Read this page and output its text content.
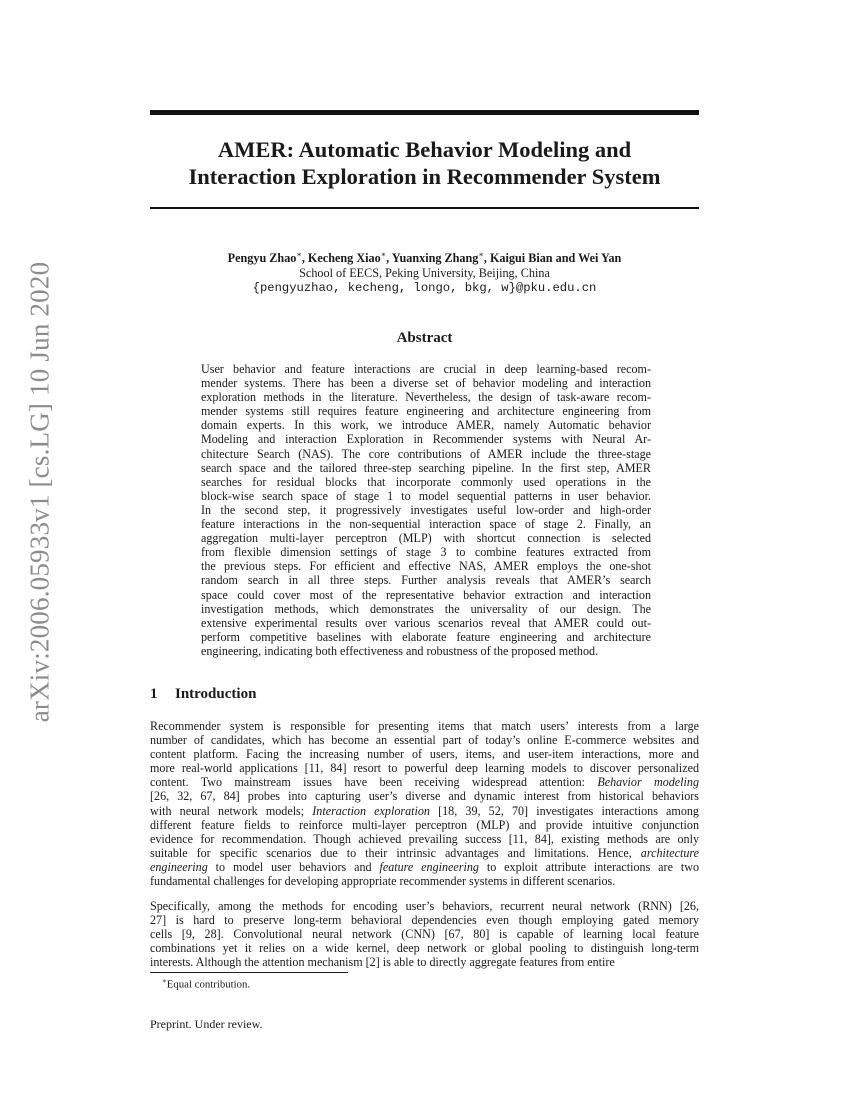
arXiv:2006.05933v1 [cs.LG] 10 Jun 2020
AMER: Automatic Behavior Modeling and
Interaction Exploration in Recommender System
Pengyu Zhao∗, Kecheng Xiao∗, Yuanxing Zhang∗, Kaigui Bian and Wei Yan
School of EECS, Peking University, Beijing, China
{pengyuzhao, kecheng, longo, bkg, w}@pku.edu.cn
Abstract
User behavior and feature interactions are crucial in deep learning-based recom-
mender systems. There has been a diverse set of behavior modeling and interaction
exploration methods in the literature. Nevertheless, the design of task-aware recom-
mender systems still requires feature engineering and architecture engineering from
domain experts. In this work, we introduce AMER, namely Automatic behavior
Modeling and interaction Exploration in Recommender systems with Neural Ar-
chitecture Search (NAS). The core contributions of AMER include the three-stage
search space and the tailored three-step searching pipeline. In the first step, AMER
searches for residual blocks that incorporate commonly used operations in the
block-wise search space of stage 1 to model sequential patterns in user behavior.
In the second step, it progressively investigates useful low-order and high-order
feature interactions in the non-sequential interaction space of stage 2. Finally, an
aggregation multi-layer perceptron (MLP) with shortcut connection is selected
from flexible dimension settings of stage 3 to combine features extracted from
the previous steps. For efficient and effective NAS, AMER employs the one-shot
random search in all three steps. Further analysis reveals that AMER’s search
space could cover most of the representative behavior extraction and interaction
investigation methods, which demonstrates the universality of our design. The
extensive experimental results over various scenarios reveal that AMER could out-
perform competitive baselines with elaborate feature engineering and architecture
engineering, indicating both effectiveness and robustness of the proposed method.
1 Introduction
Recommender system is responsible for presenting items that match users’ interests from a large
number of candidates, which has become an essential part of today’s online E-commerce websites and
content platform. Facing the increasing number of users, items, and user-item interactions, more and
more real-world applications [11, 84] resort to powerful deep learning models to discover personalized
content. Two mainstream issues have been receiving widespread attention: Behavior modeling
[26, 32, 67, 84] probes into capturing user’s diverse and dynamic interest from historical behaviors
with neural network models; Interaction exploration [18, 39, 52, 70] investigates interactions among
different feature fields to reinforce multi-layer perceptron (MLP) and provide intuitive conjunction
evidence for recommendation. Though achieved prevailing success [11, 84], existing methods are only
suitable for specific scenarios due to their intrinsic advantages and limitations. Hence, architecture
engineering to model user behaviors and feature engineering to exploit attribute interactions are two
fundamental challenges for developing appropriate recommender systems in different scenarios.
Specifically, among the methods for encoding user’s behaviors, recurrent neural network (RNN) [26,
27] is hard to preserve long-term behavioral dependencies even though employing gated memory
cells [9, 28]. Convolutional neural network (CNN) [67, 80] is capable of learning local feature
combinations yet it relies on a wide kernel, deep network or global pooling to distinguish long-term
interests. Although the attention mechanism [2] is able to directly aggregate features from entire
∗Equal contribution.
Preprint. Under review.
